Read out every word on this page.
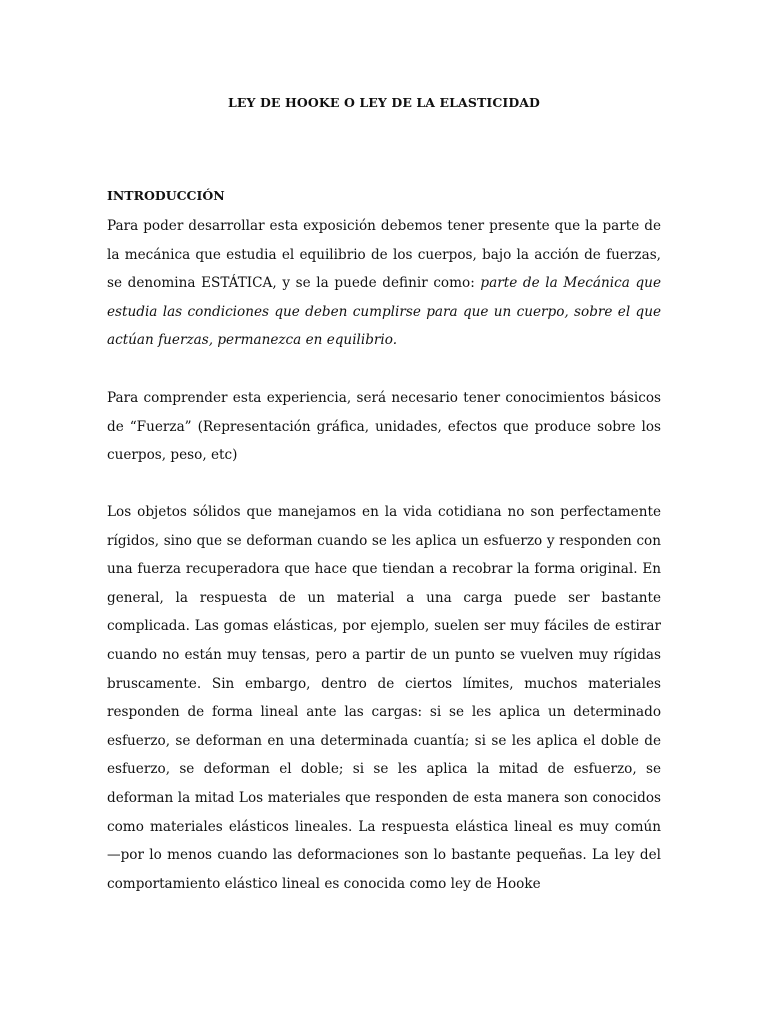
LEY DE HOOKE O LEY DE LA ELASTICIDAD
INTRODUCCIÓN

Para poder desarrollar esta exposición debemos tener presente que la parte de la mecánica que estudia el equilibrio de los cuerpos, bajo la acción de fuerzas, se denomina ESTÁTICA, y se la puede definir como: parte de la Mecánica que estudia las condiciones que deben cumplirse para que un cuerpo, sobre el que actúan fuerzas, permanezca en equilibrio.

Para comprender esta experiencia, será necesario tener conocimientos básicos de “Fuerza” (Representación gráfica, unidades, efectos que produce sobre los cuerpos, peso, etc)

Los objetos sólidos que manejamos en la vida cotidiana no son perfectamente rígidos, sino que se deforman cuando se les aplica un esfuerzo y responden con una fuerza recuperadora que hace que tiendan a recobrar la forma original. En general, la respuesta de un material a una carga puede ser bastante complicada. Las gomas elásticas, por ejemplo, suelen ser muy fáciles de estirar cuando no están muy tensas, pero a partir de un punto se vuelven muy rígidas bruscamente. Sin embargo, dentro de ciertos límites, muchos materiales responden de forma lineal ante las cargas: si se les aplica un determinado esfuerzo, se deforman en una determinada cuantía; si se les aplica el doble de esfuerzo, se deforman el doble; si se les aplica la mitad de esfuerzo, se deforman la mitad Los materiales que responden de esta manera son conocidos como materiales elásticos lineales. La respuesta elástica lineal es muy común —por lo menos cuando las deformaciones son lo bastante pequeñas. La ley del comportamiento elástico lineal es conocida como ley de Hooke
